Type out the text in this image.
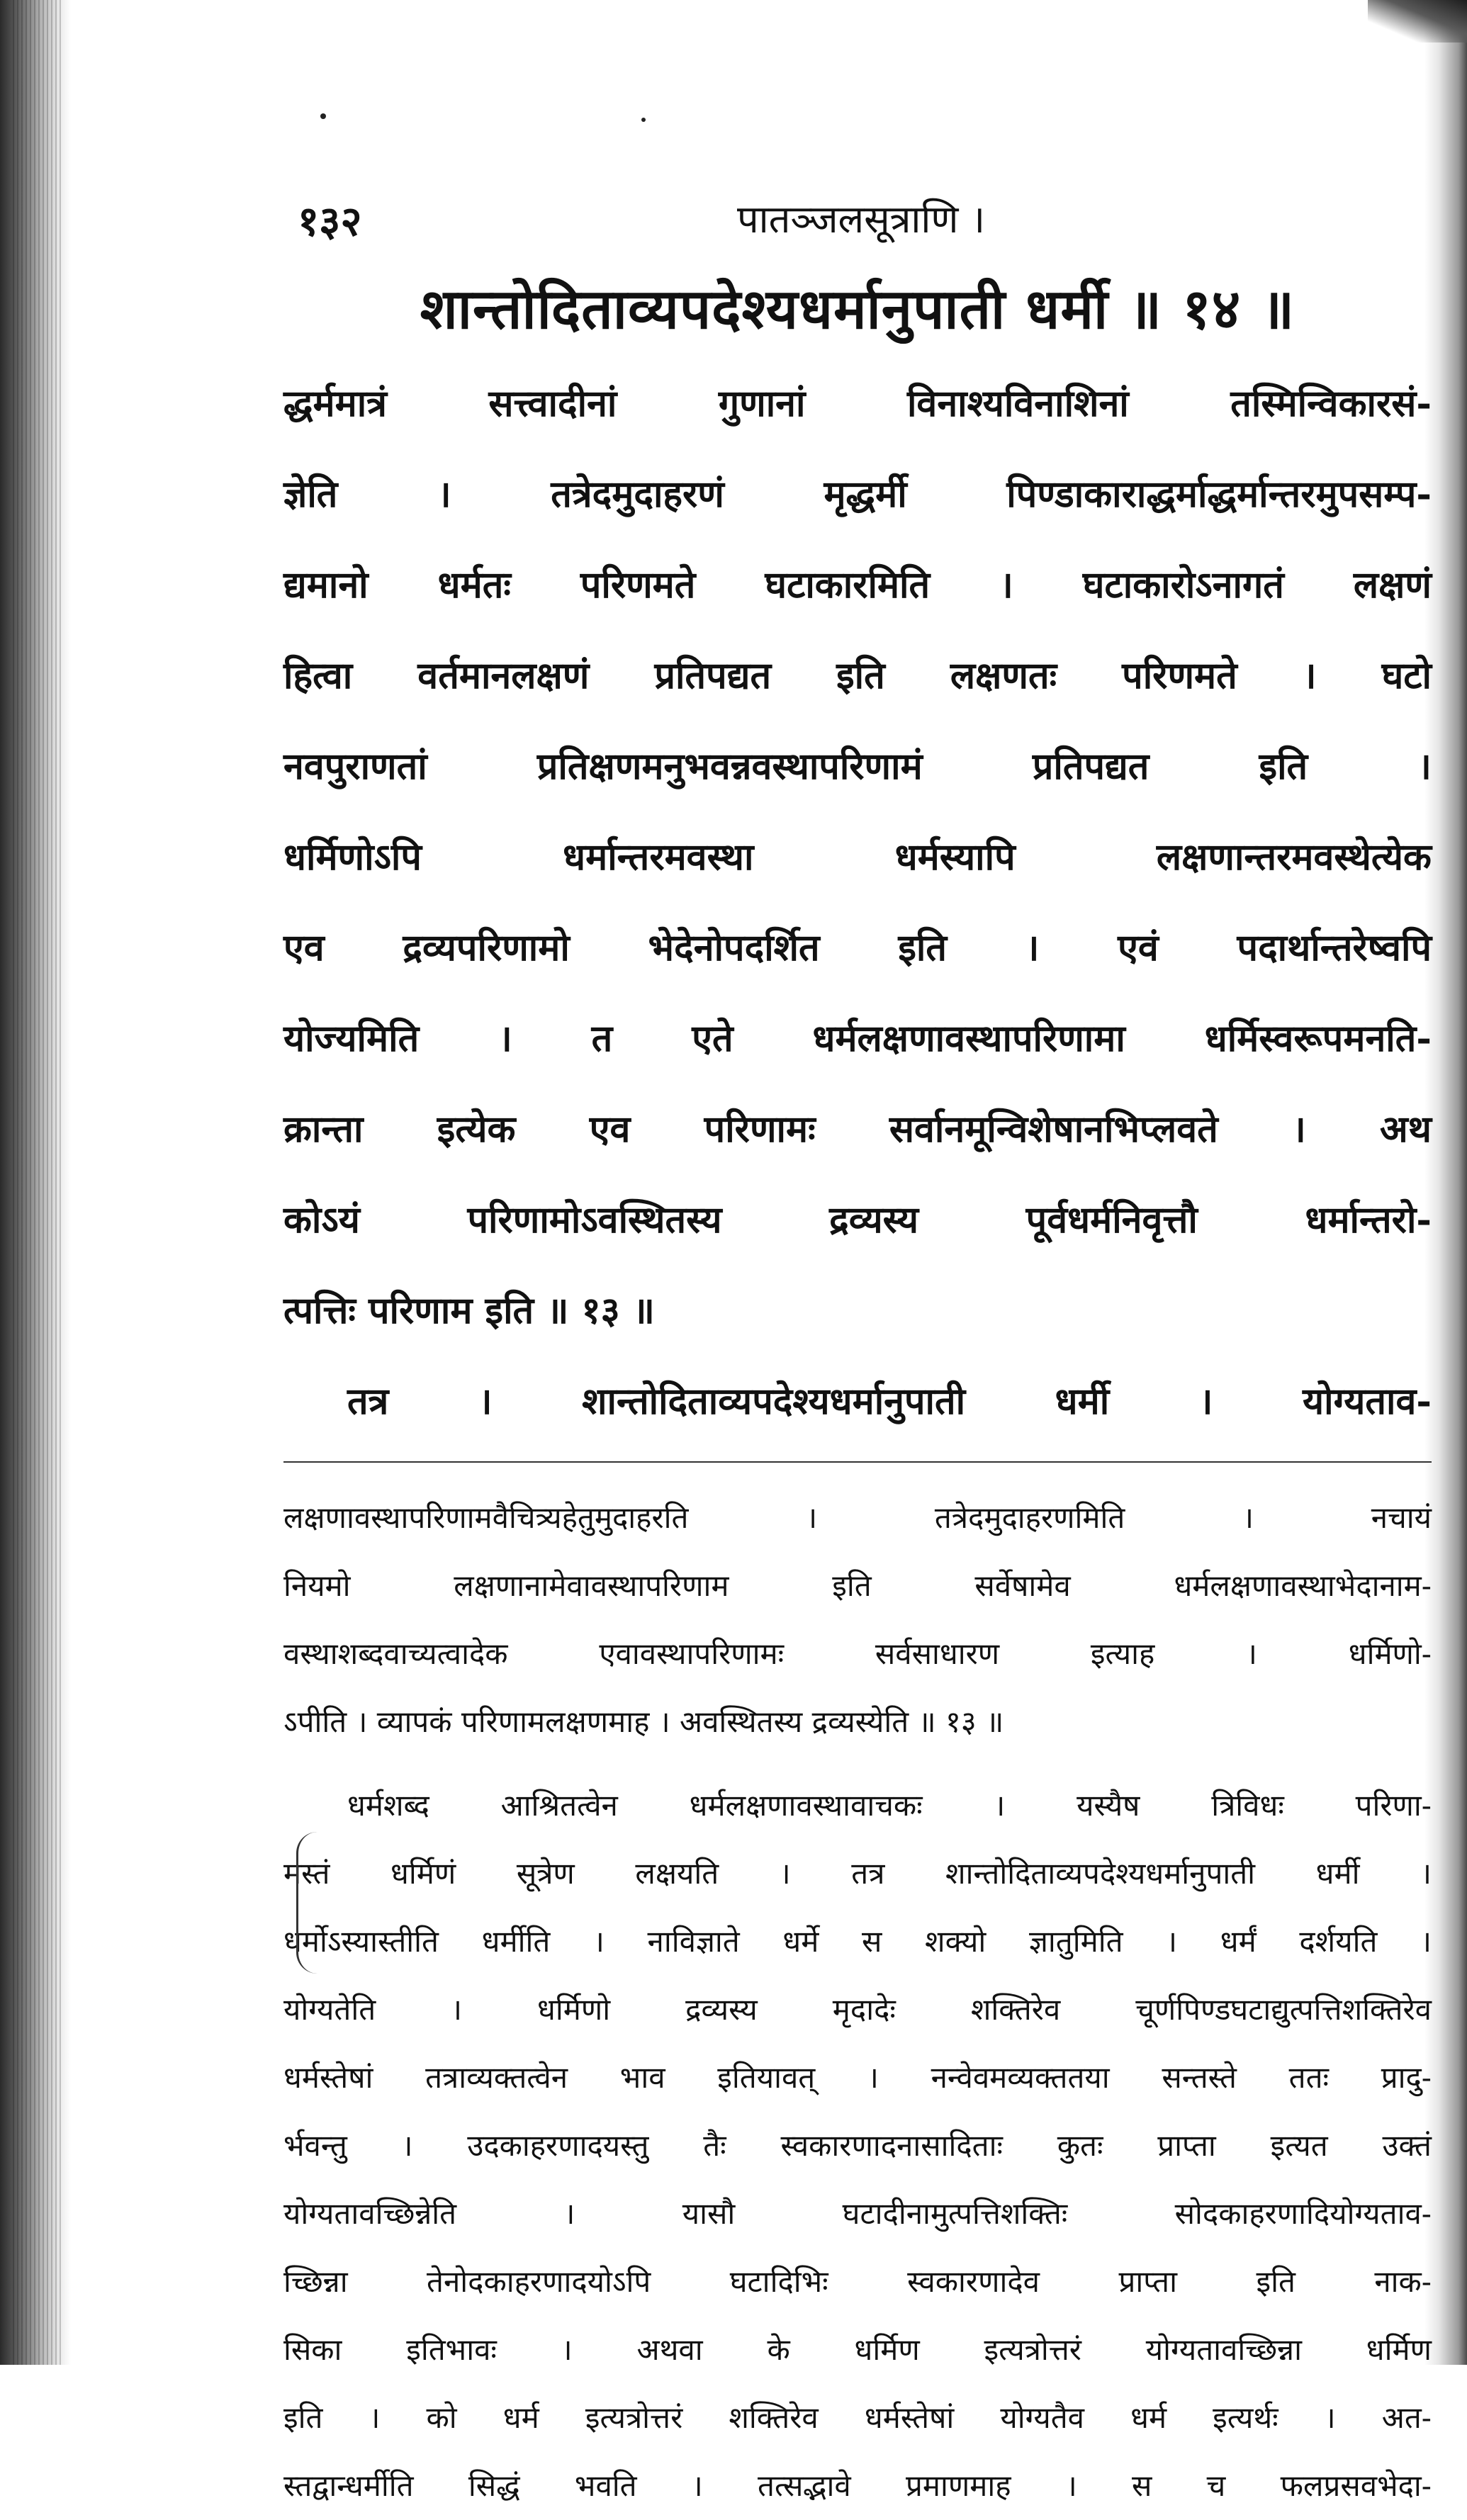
१३२	पातञ्जलसूत्राणि ।
शान्तोदिताव्यपदेश्यधर्मानुपाती धर्मी ॥ १४ ॥

द्धर्ममात्रं सत्त्वादीनां गुणानां विनाश्यविनाशिनां तस्मिन्विकारसं-

ज्ञेति । तत्रेदमुदाहरणं मृद्धर्मी पिण्डाकाराद्धर्माद्धर्मान्तरमुपसम्प-

द्यमानो धर्मतः परिणमते घटाकारमिति । घटाकारोऽनागतं लक्षणं

हित्वा वर्तमानलक्षणं प्रतिपद्यत इति लक्षणतः परिणमते । घटो

नवपुराणतां प्रतिक्षणमनुभवन्नवस्थापरिणामं प्रतिपद्यत इति ।

धर्मिणोऽपि धर्मान्तरमवस्था धर्मस्यापि लक्षणान्तरमवस्थेत्येक

एव द्रव्यपरिणामो भेदेनोपदर्शित इति । एवं पदार्थान्तरेष्वपि

योज्यमिति । त एते धर्मलक्षणावस्थापरिणामा धर्मिस्वरूपमनति-

क्रान्ता इत्येक एव परिणामः सर्वानमून्विशेषानभिप्लवते । अथ

कोऽयं परिणामोऽवस्थितस्य द्रव्यस्य पूर्वधर्मनिवृत्तौ धर्मान्तरो-

त्पत्तिः परिणाम इति ॥ १३ ॥

तत्र । शान्तोदिताव्यपदेश्यधर्मानुपाती धर्मी । योग्यताव-

लक्षणावस्थापरिणामवैचित्र्यहेतुमुदाहरति । तत्रेदमुदाहरणमिति । नचायं

नियमो लक्षणानामेवावस्थापरिणाम इति सर्वेषामेव धर्मलक्षणावस्थाभेदानाम-

वस्थाशब्दवाच्यत्वादेक एवावस्थापरिणामः सर्वसाधारण इत्याह । धर्मिणो-

ऽपीति । व्यापकं परिणामलक्षणमाह । अवस्थितस्य द्रव्यस्येति ॥ १३ ॥

धर्मशब्द आश्रितत्वेन धर्मलक्षणावस्थावाचकः । यस्यैष त्रिविधः परिणा-

मस्तं धर्मिणं सूत्रेण लक्षयति । तत्र शान्तोदिताव्यपदेश्यधर्मानुपाती धर्मी ।

धर्मोऽस्यास्तीति धर्मीति । नाविज्ञाते धर्मे स शक्यो ज्ञातुमिति । धर्मं दर्शयति ।

योग्यतेति । धर्मिणो द्रव्यस्य मृदादेः शक्तिरेव चूर्णपिण्डघटाद्युत्पत्तिशक्तिरेव

धर्मस्तेषां तत्राव्यक्तत्वेन भाव इतियावत् । नन्वेवमव्यक्ततया सन्तस्ते ततः प्रादु-

र्भवन्तु । उदकाहरणादयस्तु तैः स्वकारणादनासादिताः कुतः प्राप्ता इत्यत उक्तं

योग्यतावच्छिन्नेति । यासौ घटादीनामुत्पत्तिशक्तिः सोदकाहरणादियोग्यताव-

च्छिन्ना तेनोदकाहरणादयोऽपि घटादिभिः स्वकारणादेव प्राप्ता इति नाक-

सिका इतिभावः । अथवा के धर्मिण इत्यत्रोत्तरं योग्यतावच्छिन्ना धर्मिण

इति । को धर्म इत्यत्रोत्तरं शक्तिरेव धर्मस्तेषां योग्यतैव धर्म इत्यर्थः । अत-

स्तद्वान्धर्मीति सिद्धं भवति । तत्सद्भावे प्रमाणमाह । स च फलप्रसवभेदा-
